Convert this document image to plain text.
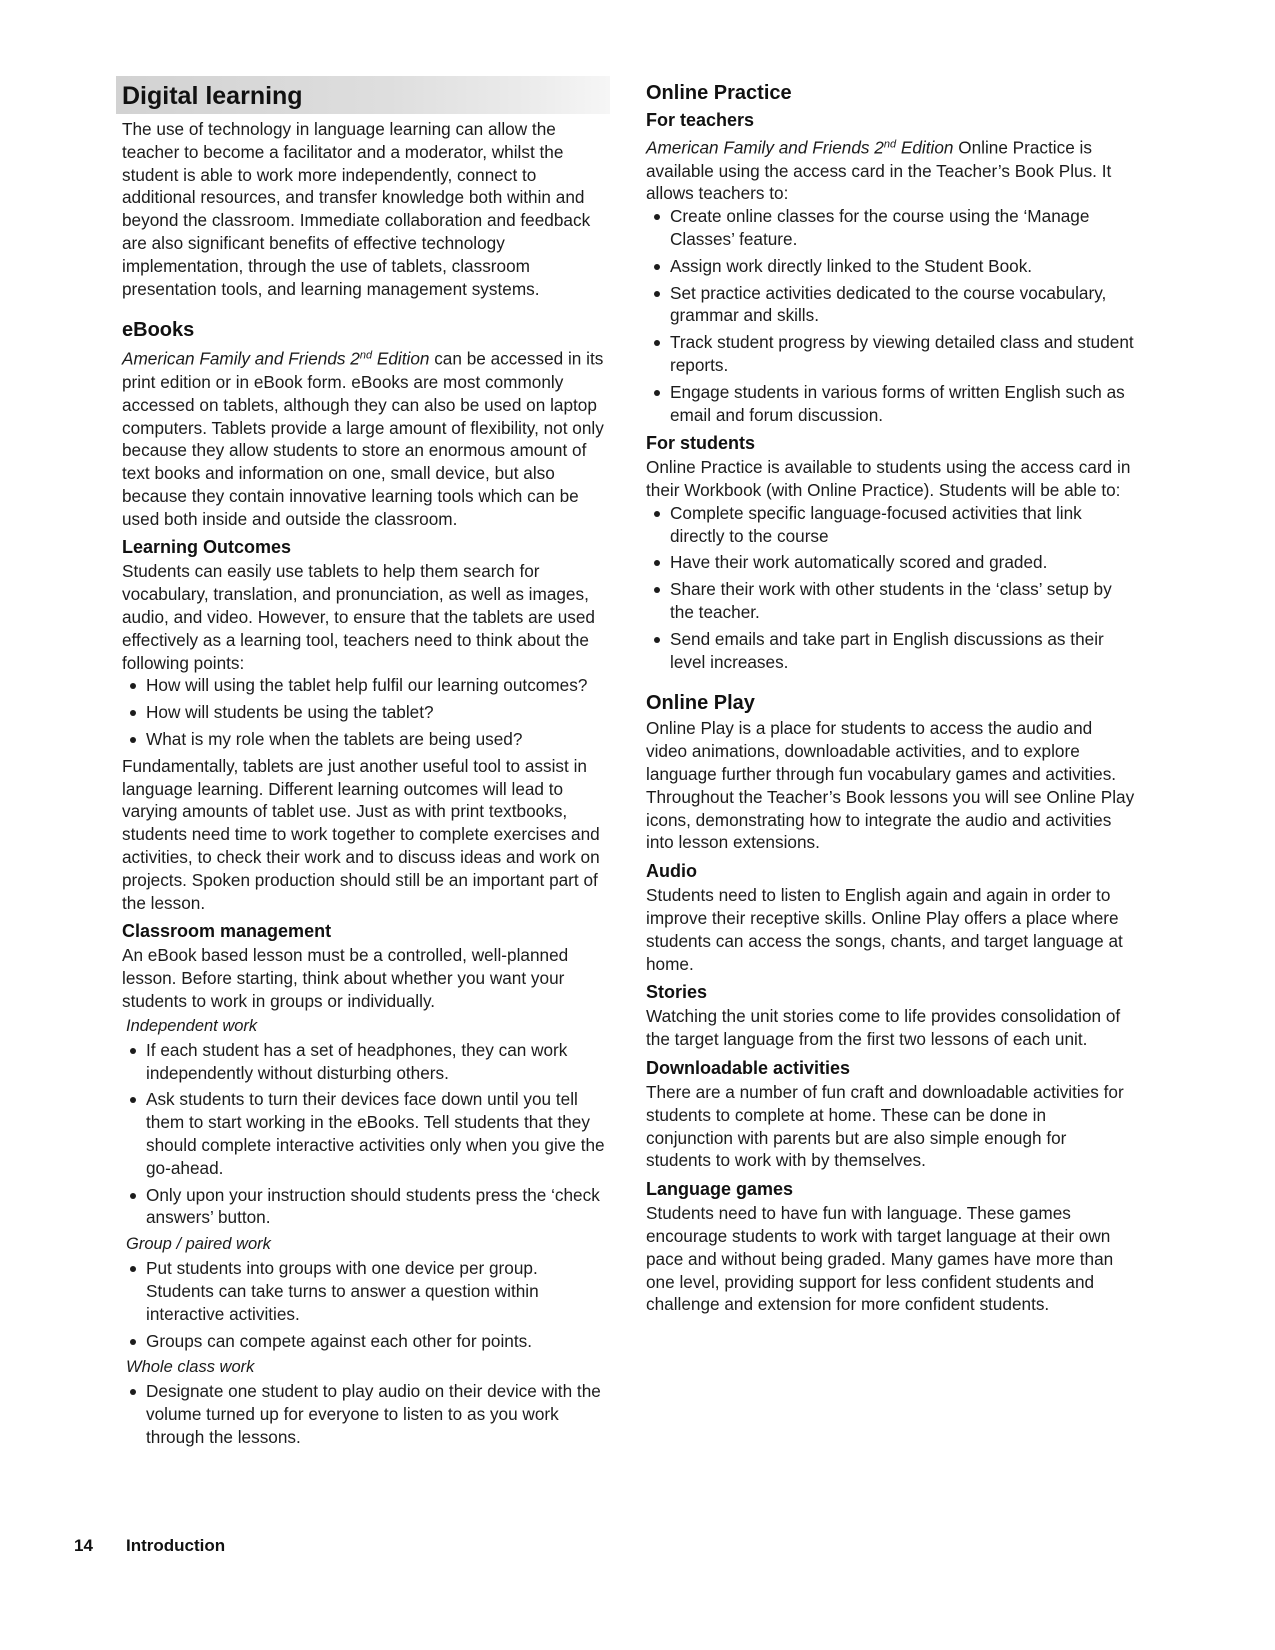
Digital learning

The use of technology in language learning can allow the teacher to become a facilitator and a moderator, whilst the student is able to work more independently, connect to additional resources, and transfer knowledge both within and beyond the classroom. Immediate collaboration and feedback are also significant benefits of effective technology implementation, through the use of tablets, classroom presentation tools, and learning management systems.

eBooks

American Family and Friends 2nd Edition can be accessed in its print edition or in eBook form. eBooks are most commonly accessed on tablets, although they can also be used on laptop computers. Tablets provide a large amount of flexibility, not only because they allow students to store an enormous amount of text books and information on one, small device, but also because they contain innovative learning tools which can be used both inside and outside the classroom.

Learning Outcomes

Students can easily use tablets to help them search for vocabulary, translation, and pronunciation, as well as images, audio, and video. However, to ensure that the tablets are used effectively as a learning tool, teachers need to think about the following points:

How will using the tablet help fulfil our learning outcomes?
How will students be using the tablet?
What is my role when the tablets are being used?

Fundamentally, tablets are just another useful tool to assist in language learning. Different learning outcomes will lead to varying amounts of tablet use. Just as with print textbooks, students need time to work together to complete exercises and activities, to check their work and to discuss ideas and work on projects. Spoken production should still be an important part of the lesson.

Classroom management

An eBook based lesson must be a controlled, well-planned lesson. Before starting, think about whether you want your students to work in groups or individually.

Independent work
If each student has a set of headphones, they can work independently without disturbing others.
Ask students to turn their devices face down until you tell them to start working in the eBooks. Tell students that they should complete interactive activities only when you give the go-ahead.
Only upon your instruction should students press the ‘check answers’ button.
Group / paired work
Put students into groups with one device per group. Students can take turns to answer a question within interactive activities.
Groups can compete against each other for points.
Whole class work
Designate one student to play audio on their device with the volume turned up for everyone to listen to as you work through the lessons.
Online Practice
For teachers

American Family and Friends 2nd Edition Online Practice is available using the access card in the Teacher’s Book Plus. It allows teachers to:

Create online classes for the course using the ‘Manage Classes’ feature.
Assign work directly linked to the Student Book.
Set practice activities dedicated to the course vocabulary, grammar and skills.
Track student progress by viewing detailed class and student reports.
Engage students in various forms of written English such as email and forum discussion.
For students

Online Practice is available to students using the access card in their Workbook (with Online Practice). Students will be able to:

Complete specific language-focused activities that link directly to the course
Have their work automatically scored and graded.
Share their work with other students in the ‘class’ setup by the teacher.
Send emails and take part in English discussions as their level increases.
Online Play

Online Play is a place for students to access the audio and video animations, downloadable activities, and to explore language further through fun vocabulary games and activities. Throughout the Teacher’s Book lessons you will see Online Play icons, demonstrating how to integrate the audio and activities into lesson extensions.

Audio

Students need to listen to English again and again in order to improve their receptive skills. Online Play offers a place where students can access the songs, chants, and target language at home.

Stories

Watching the unit stories come to life provides consolidation of the target language from the first two lessons of each unit.

Downloadable activities

There are a number of fun craft and downloadable activities for students to complete at home. These can be done in conjunction with parents but are also simple enough for students to work with by themselves.

Language games

Students need to have fun with language. These games encourage students to work with target language at their own pace and without being graded. Many games have more than one level, providing support for less confident students and challenge and extension for more confident students.

14 Introduction
